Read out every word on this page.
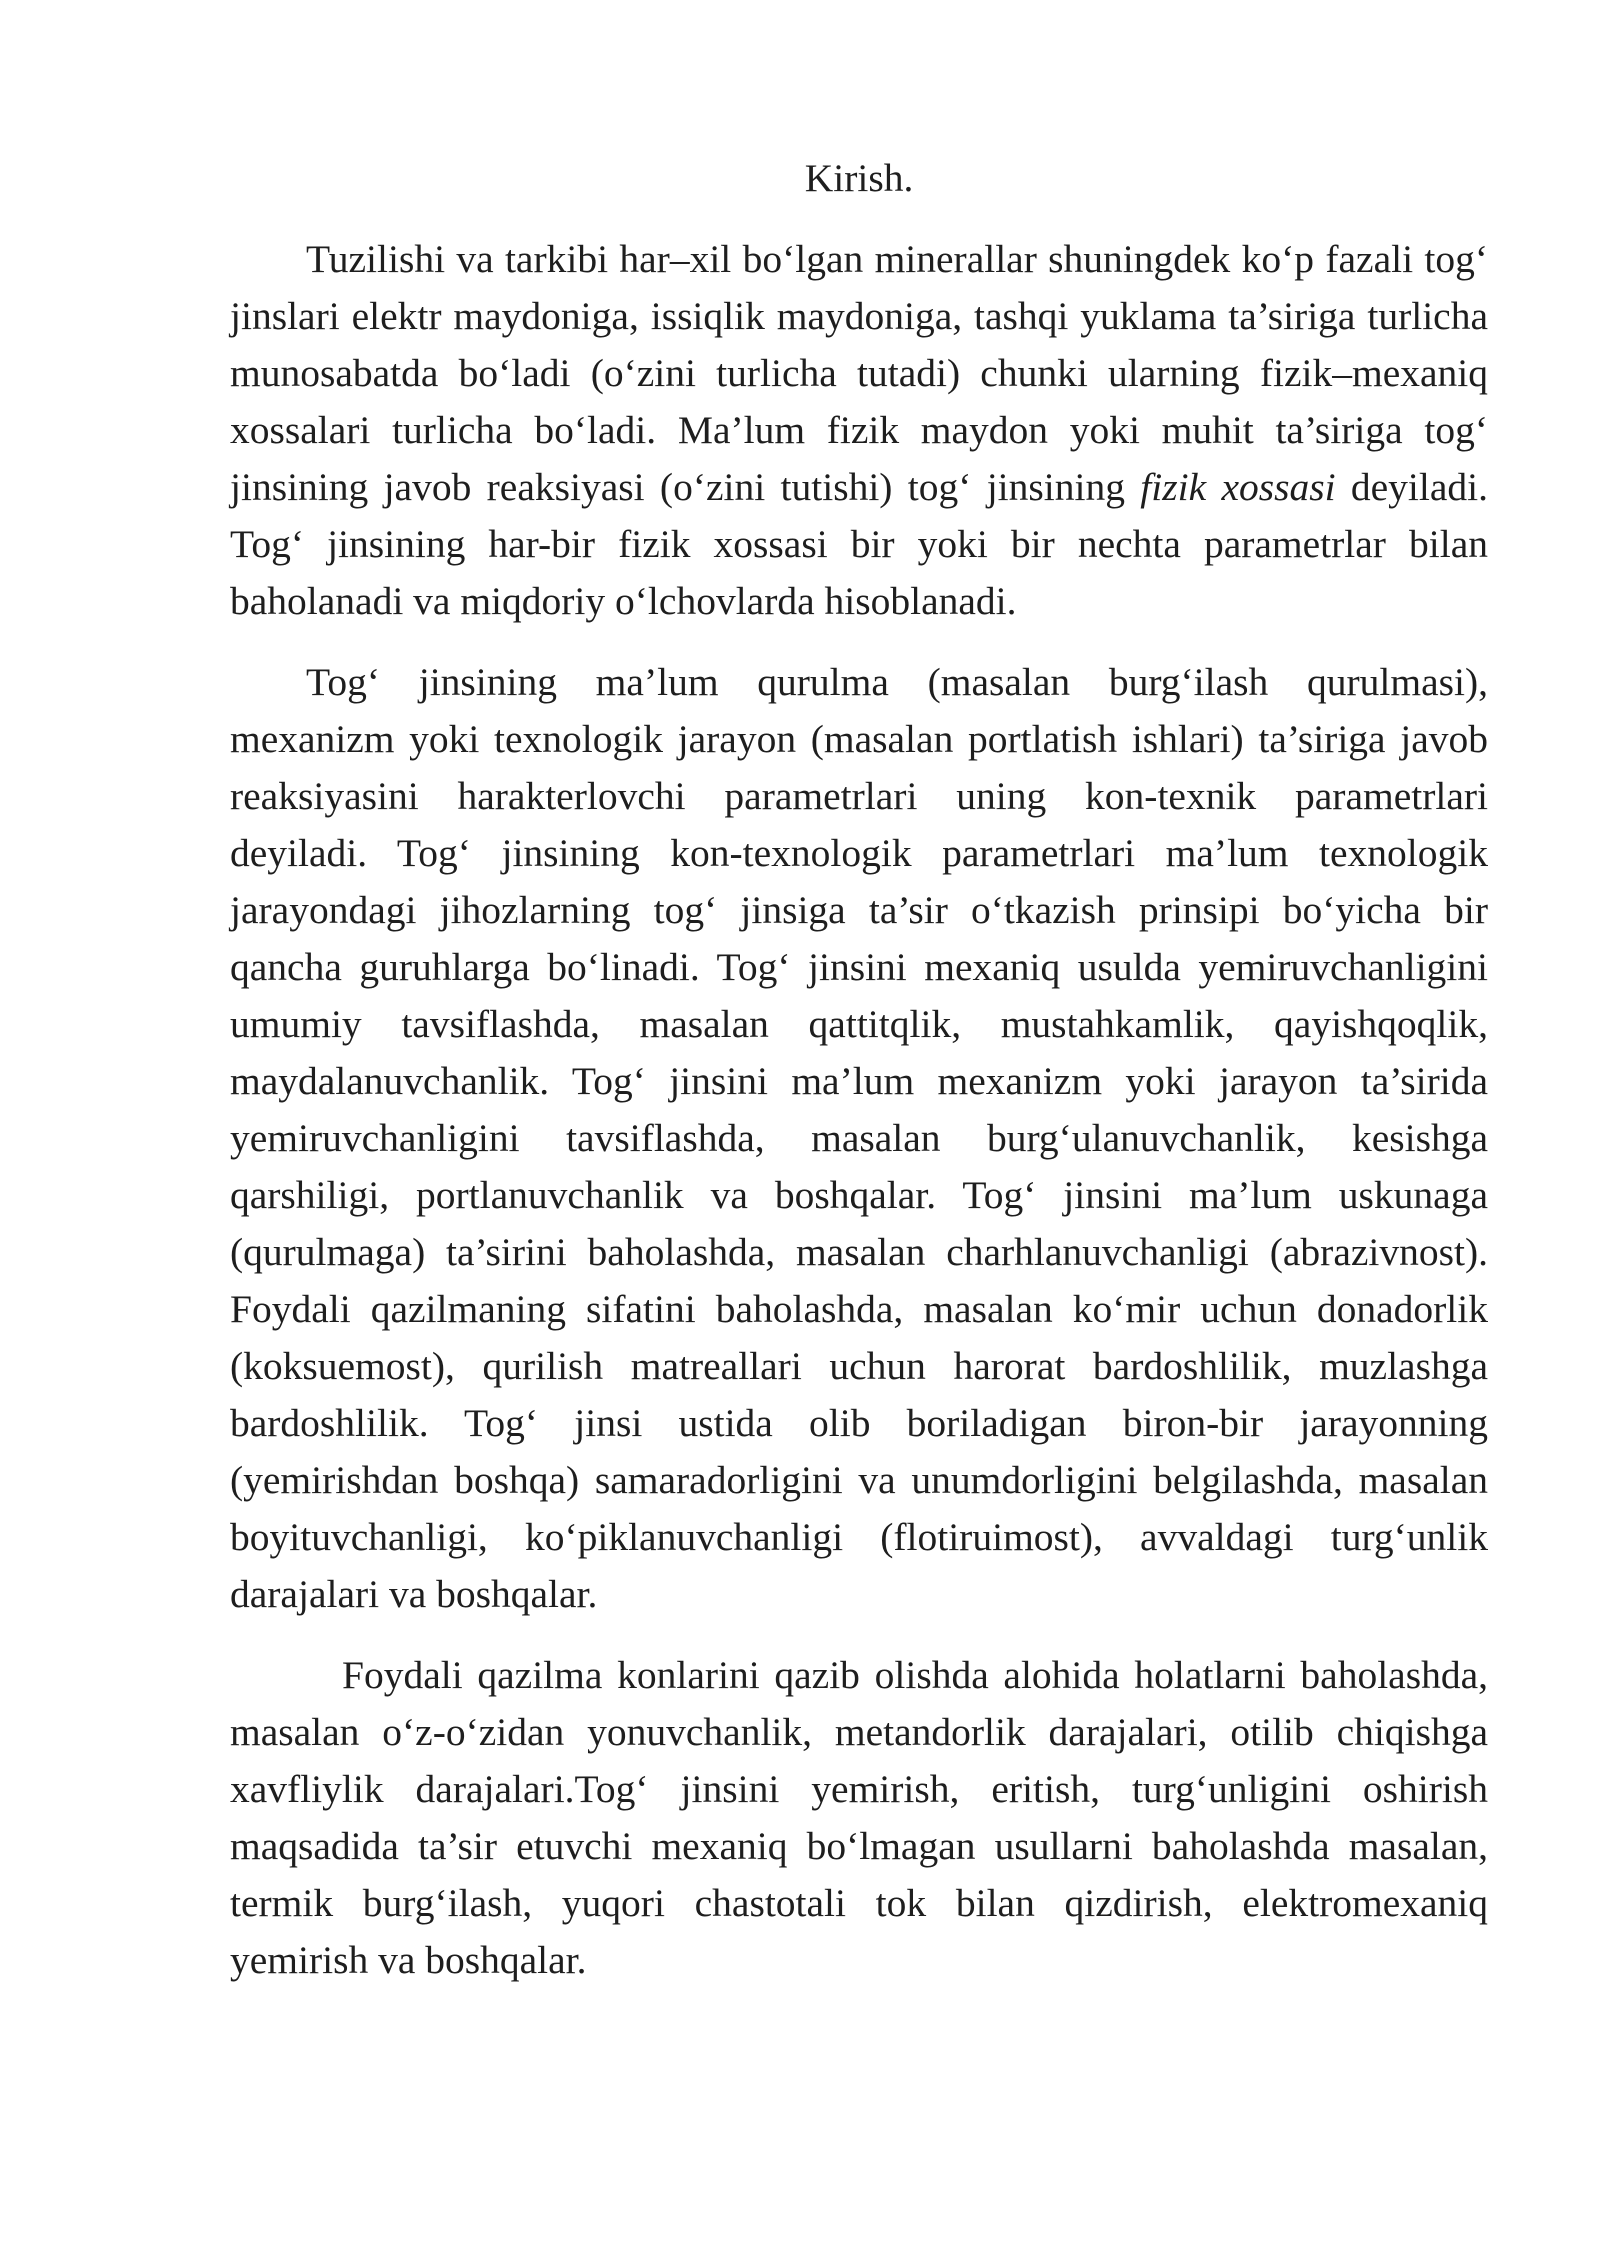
Kirish.

Tuzilishi va tarkibi har–xil boʻlgan minerallar shuningdek koʻp fazali togʻ jinslari elektr maydoniga, issiqlik maydoniga, tashqi yuklama ta’siriga turlicha munosabatda boʻladi (oʻzini turlicha tutadi) chunki ularning fizik–mexaniq xossalari turlicha boʻladi. Ma’lum fizik maydon yoki muhit ta’siriga togʻ jinsining javob reaksiyasi (oʻzini tutishi) togʻ jinsining fizik xossasi deyiladi. Togʻ jinsining har-bir fizik xossasi bir yoki bir nechta parametrlar bilan baholanadi va miqdoriy oʻlchovlarda hisoblanadi.

Togʻ jinsining ma’lum qurulma (masalan burgʻilash qurulmasi), mexanizm yoki texnologik jarayon (masalan portlatish ishlari) ta’siriga javob reaksiyasini harakterlovchi parametrlari uning kon-texnik parametrlari deyiladi. Togʻ jinsining kon-texnologik parametrlari ma’lum texnologik jarayondagi jihozlarning togʻ jinsiga ta’sir oʻtkazish prinsipi boʻyicha bir qancha guruhlarga boʻlinadi. Togʻ jinsini mexaniq usulda yemiruvchanligini umumiy tavsiflashda, masalan qattitqlik, mustahkamlik, qayishqoqlik, maydalanuvchanlik. Togʻ jinsini ma’lum mexanizm yoki jarayon ta’sirida yemiruvchanligini tavsiflashda, masalan burgʻulanuvchanlik, kesishga qarshiligi, portlanuvchanlik va boshqalar. Togʻ jinsini ma’lum uskunaga (qurulmaga) ta’sirini baholashda, masalan charhlanuvchanligi (abrazivnost). Foydali qazilmaning sifatini baholashda, masalan koʻmir uchun donadorlik (koksuemost), qurilish matreallari uchun harorat bardoshlilik, muzlashga bardoshlilik. Togʻ jinsi ustida olib boriladigan biron-bir jarayonning (yemirishdan boshqa) samaradorligini va unumdorligini belgilashda, masalan boyituvchanligi, koʻpiklanuvchanligi (flotiruimost), avvaldagi turgʻunlik darajalari va boshqalar.

Foydali qazilma konlarini qazib olishda alohida holatlarni baholashda, masalan oʻz-oʻzidan yonuvchanlik, metandorlik darajalari, otilib chiqishga xavfliylik darajalari.Togʻ jinsini yemirish, eritish, turgʻunligini oshirish maqsadida ta’sir etuvchi mexaniq boʻlmagan usullarni baholashda masalan, termik burgʻilash, yuqori chastotali tok bilan qizdirish, elektromexaniq yemirish va boshqalar.
